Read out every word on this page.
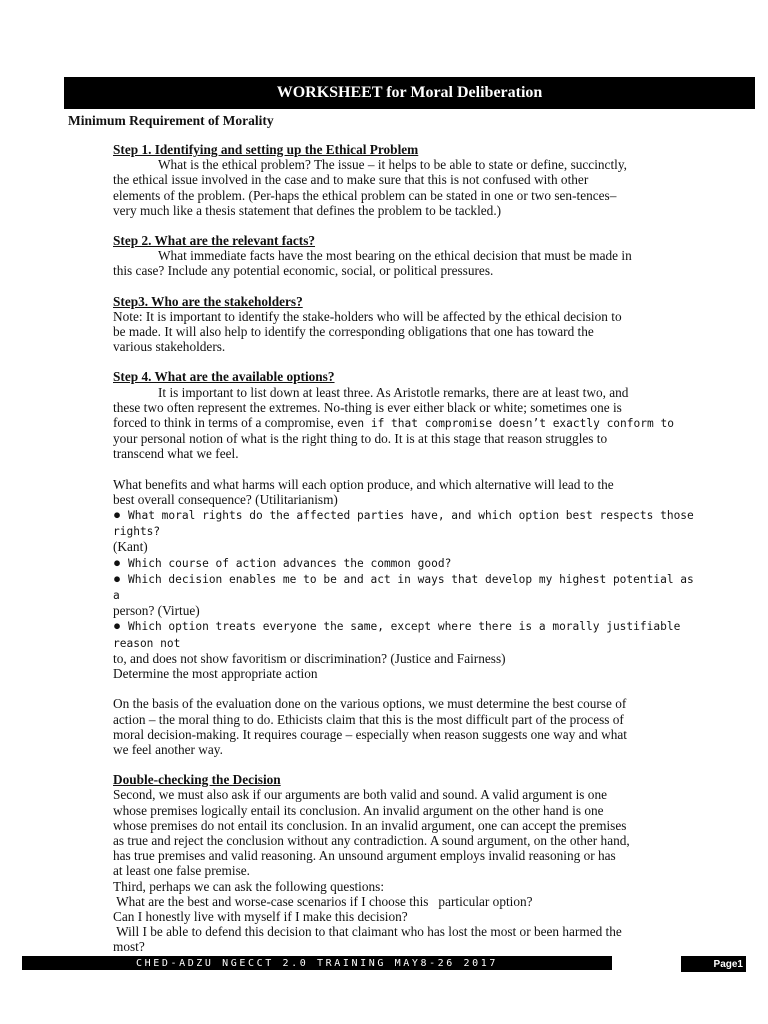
WORKSHEET for Moral Deliberation
Minimum Requirement of Morality

Step 1. Identifying and setting up the Ethical Problem

What is the ethical problem? The issue – it helps to be able to state or define, succinctly,

the ethical issue involved in the case and to make sure that this is not confused with other

elements of the problem. (Per-haps the ethical problem can be stated in one or two sen-tences–

very much like a thesis statement that defines the problem to be tackled.)

Step 2. What are the relevant facts?

What immediate facts have the most bearing on the ethical decision that must be made in

this case? Include any potential economic, social, or political pressures.

Step3. Who are the stakeholders?

Note: It is important to identify the stake-holders who will be affected by the ethical decision to

be made. It will also help to identify the corresponding obligations that one has toward the

various stakeholders.

Step 4. What are the available options?

It is important to list down at least three. As Aristotle remarks, there are at least two, and

these two often represent the extremes. No-thing is ever either black or white; sometimes one is

forced to think in terms of a compromise, even if that compromise doesn’t exactly conform to

your personal notion of what is the right thing to do. It is at this stage that reason struggles to

transcend what we feel.

What benefits and what harms will each option produce, and which alternative will lead to the

best overall consequence? (Utilitarianism)

● What moral rights do the affected parties have, and which option best respects those rights?

(Kant)

● Which course of action advances the common good?

● Which decision enables me to be and act in ways that develop my highest potential as a

person? (Virtue)

● Which option treats everyone the same, except where there is a morally justifiable reason not

to, and does not show favoritism or discrimination? (Justice and Fairness)

Determine the most appropriate action

On the basis of the evaluation done on the various options, we must determine the best course of

action – the moral thing to do. Ethicists claim that this is the most difficult part of the process of

moral decision-making. It requires courage – especially when reason suggests one way and what

we feel another way.

Double-checking the Decision

Second, we must also ask if our arguments are both valid and sound. A valid argument is one

whose premises logically entail its conclusion. An invalid argument on the other hand is one

whose premises do not entail its conclusion. In an invalid argument, one can accept the premises

as true and reject the conclusion without any contradiction. A sound argument, on the other hand,

has true premises and valid reasoning. An unsound argument employs invalid reasoning or has

at least one false premise.

Third, perhaps we can ask the following questions:

What are the best and worse-case scenarios if I choose this   particular option?

Can I honestly live with myself if I make this decision?

Will I be able to defend this decision to that claimant who has lost the most or been harmed the

most?

CHED-ADZU NGECCT 2.0 TRAINING MAY8-26 2017	Page1
